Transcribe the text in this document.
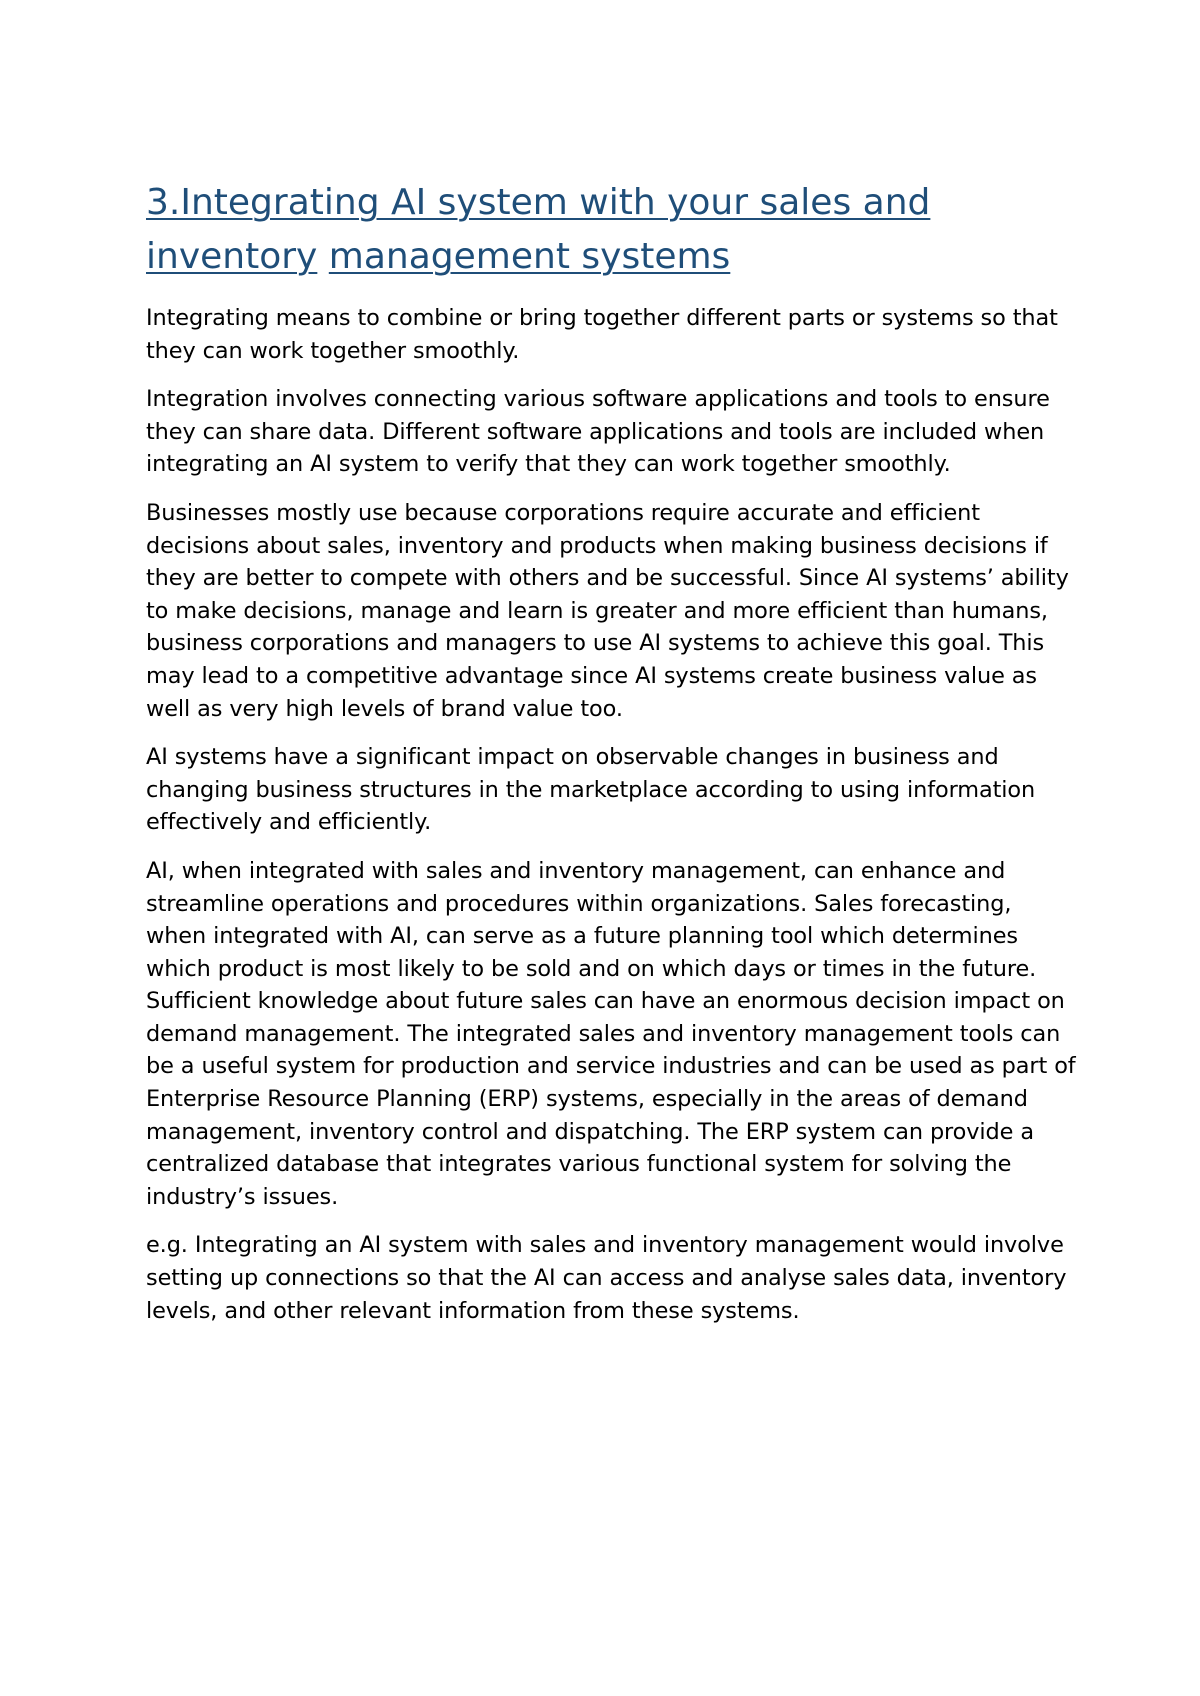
3.Integrating AI system with your sales and
inventory management systems

Integrating means to combine or bring together different parts or systems so that they can work together smoothly.

Integration involves connecting various software applications and tools to ensure they can share data. Different software applications and tools are included when integrating an AI system to verify that they can work together smoothly.

Businesses mostly use because corporations require accurate and efficient decisions about sales, inventory and products when making business decisions if they are better to compete with others and be successful. Since AI systems’ ability to make decisions, manage and learn is greater and more efficient than humans, business corporations and managers to use AI systems to achieve this goal. This may lead to a competitive advantage since AI systems create business value as well as very high levels of brand value too.

AI systems have a significant impact on observable changes in business and changing business structures in the marketplace according to using information effectively and efficiently.

AI, when integrated with sales and inventory management, can enhance and streamline operations and procedures within organizations. Sales forecasting, when integrated with AI, can serve as a future planning tool which determines which product is most likely to be sold and on which days or times in the future. Sufficient knowledge about future sales can have an enormous decision impact on demand management. The integrated sales and inventory management tools can be a useful system for production and service industries and can be used as part of Enterprise Resource Planning (ERP) systems, especially in the areas of demand management, inventory control and dispatching. The ERP system can provide a centralized database that integrates various functional system for solving the industry’s issues.

e.g. Integrating an AI system with sales and inventory management would involve setting up connections so that the AI can access and analyse sales data, inventory levels, and other relevant information from these systems.
